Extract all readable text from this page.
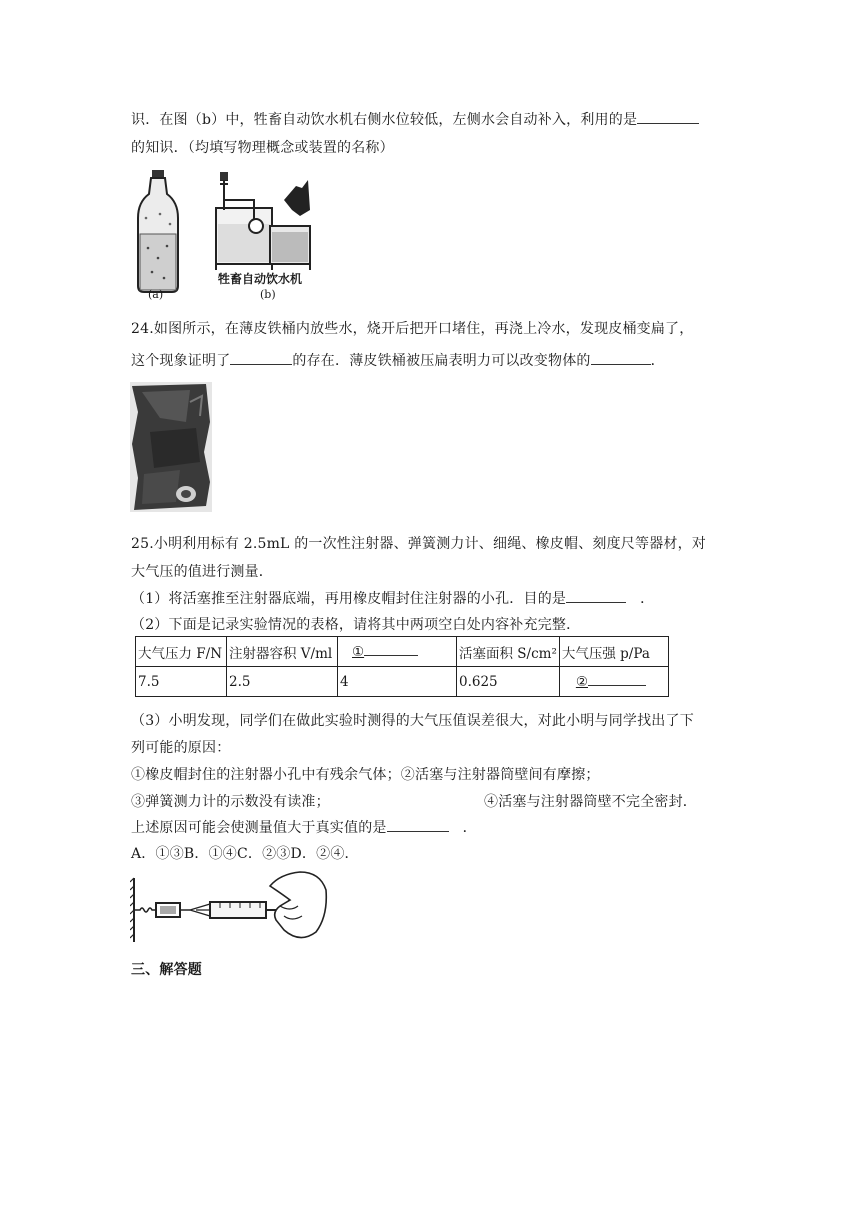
识．在图（b）中，牲畜自动饮水机右侧水位较低，左侧水会自动补入，利用的是
的知识．（均填写物理概念或装置的名称）
(a)
牲畜自动饮水机
(b)
24.如图所示，在薄皮铁桶内放些水，烧开后把开口堵住，再浇上冷水，发现皮桶变扁了，
这个现象证明了	的存在．薄皮铁桶被压扁表明力可以改变物体的	．
25.小明利用标有 2.5mL 的一次性注射器、弹簧测力计、细绳、橡皮帽、刻度尺等器材，对
大气压的值进行测量．
（1）将活塞推至注射器底端，再用橡皮帽封住注射器的小孔．目的是	．
（2）下面是记录实验情况的表格，请将其中两项空白处内容补充完整．
大气压力 F/N	注射器容积 V/ml	①	活塞面积 S/cm²	大气压强 p/Pa
7.5	2.5	4	0.625	②
（3）小明发现，同学们在做此实验时测得的大气压值误差很大，对此小明与同学找出了下
列可能的原因：
①橡皮帽封住的注射器小孔中有残余气体；②活塞与注射器筒壁间有摩擦；
③弹簧测力计的示数没有读准；	④活塞与注射器筒壁不完全密封．
上述原因可能会使测量值大于真实值的是	．
A．①③B．①④C．②③D．②④．
三、解答题
